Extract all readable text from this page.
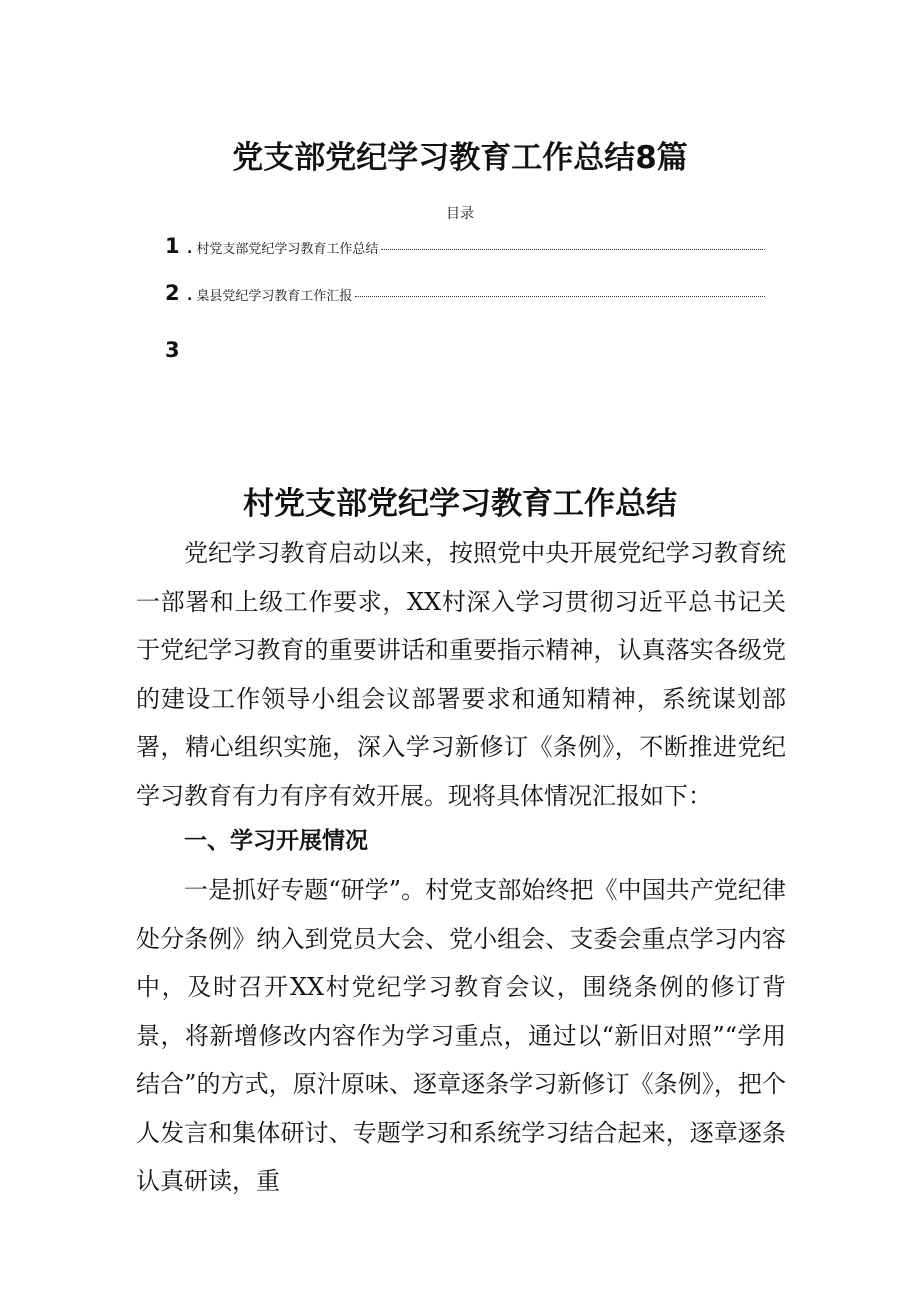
党支部党纪学习教育工作总结8篇
目录
1 . 村党支部党纪学习教育工作总结
2 . 臬县党纪学习教育工作汇报
3
村党支部党纪学习教育工作总结

党纪学习教育启动以来，按照党中央开展党纪学习教育统一部署和上级工作要求，XX村深入学习贯彻习近平总书记关于党纪学习教育的重要讲话和重要指示精神，认真落实各级党的建设工作领导小组会议部署要求和通知精神，系统谋划部署，精心组织实施，深入学习新修订《条例》，不断推进党纪学习教育有力有序有效开展。现将具体情况汇报如下：

一、学习开展情况

一是抓好专题“研学”。村党支部始终把《中国共产党纪律处分条例》纳入到党员大会、党小组会、支委会重点学习内容中，及时召开XX村党纪学习教育会议，围绕条例的修订背景，将新增修改内容作为学习重点，通过以“新旧对照”“学用结合”的方式，原汁原味、逐章逐条学习新修订《条例》，把个人发言和集体研讨、专题学习和系统学习结合起来，逐章逐条认真研读，重
